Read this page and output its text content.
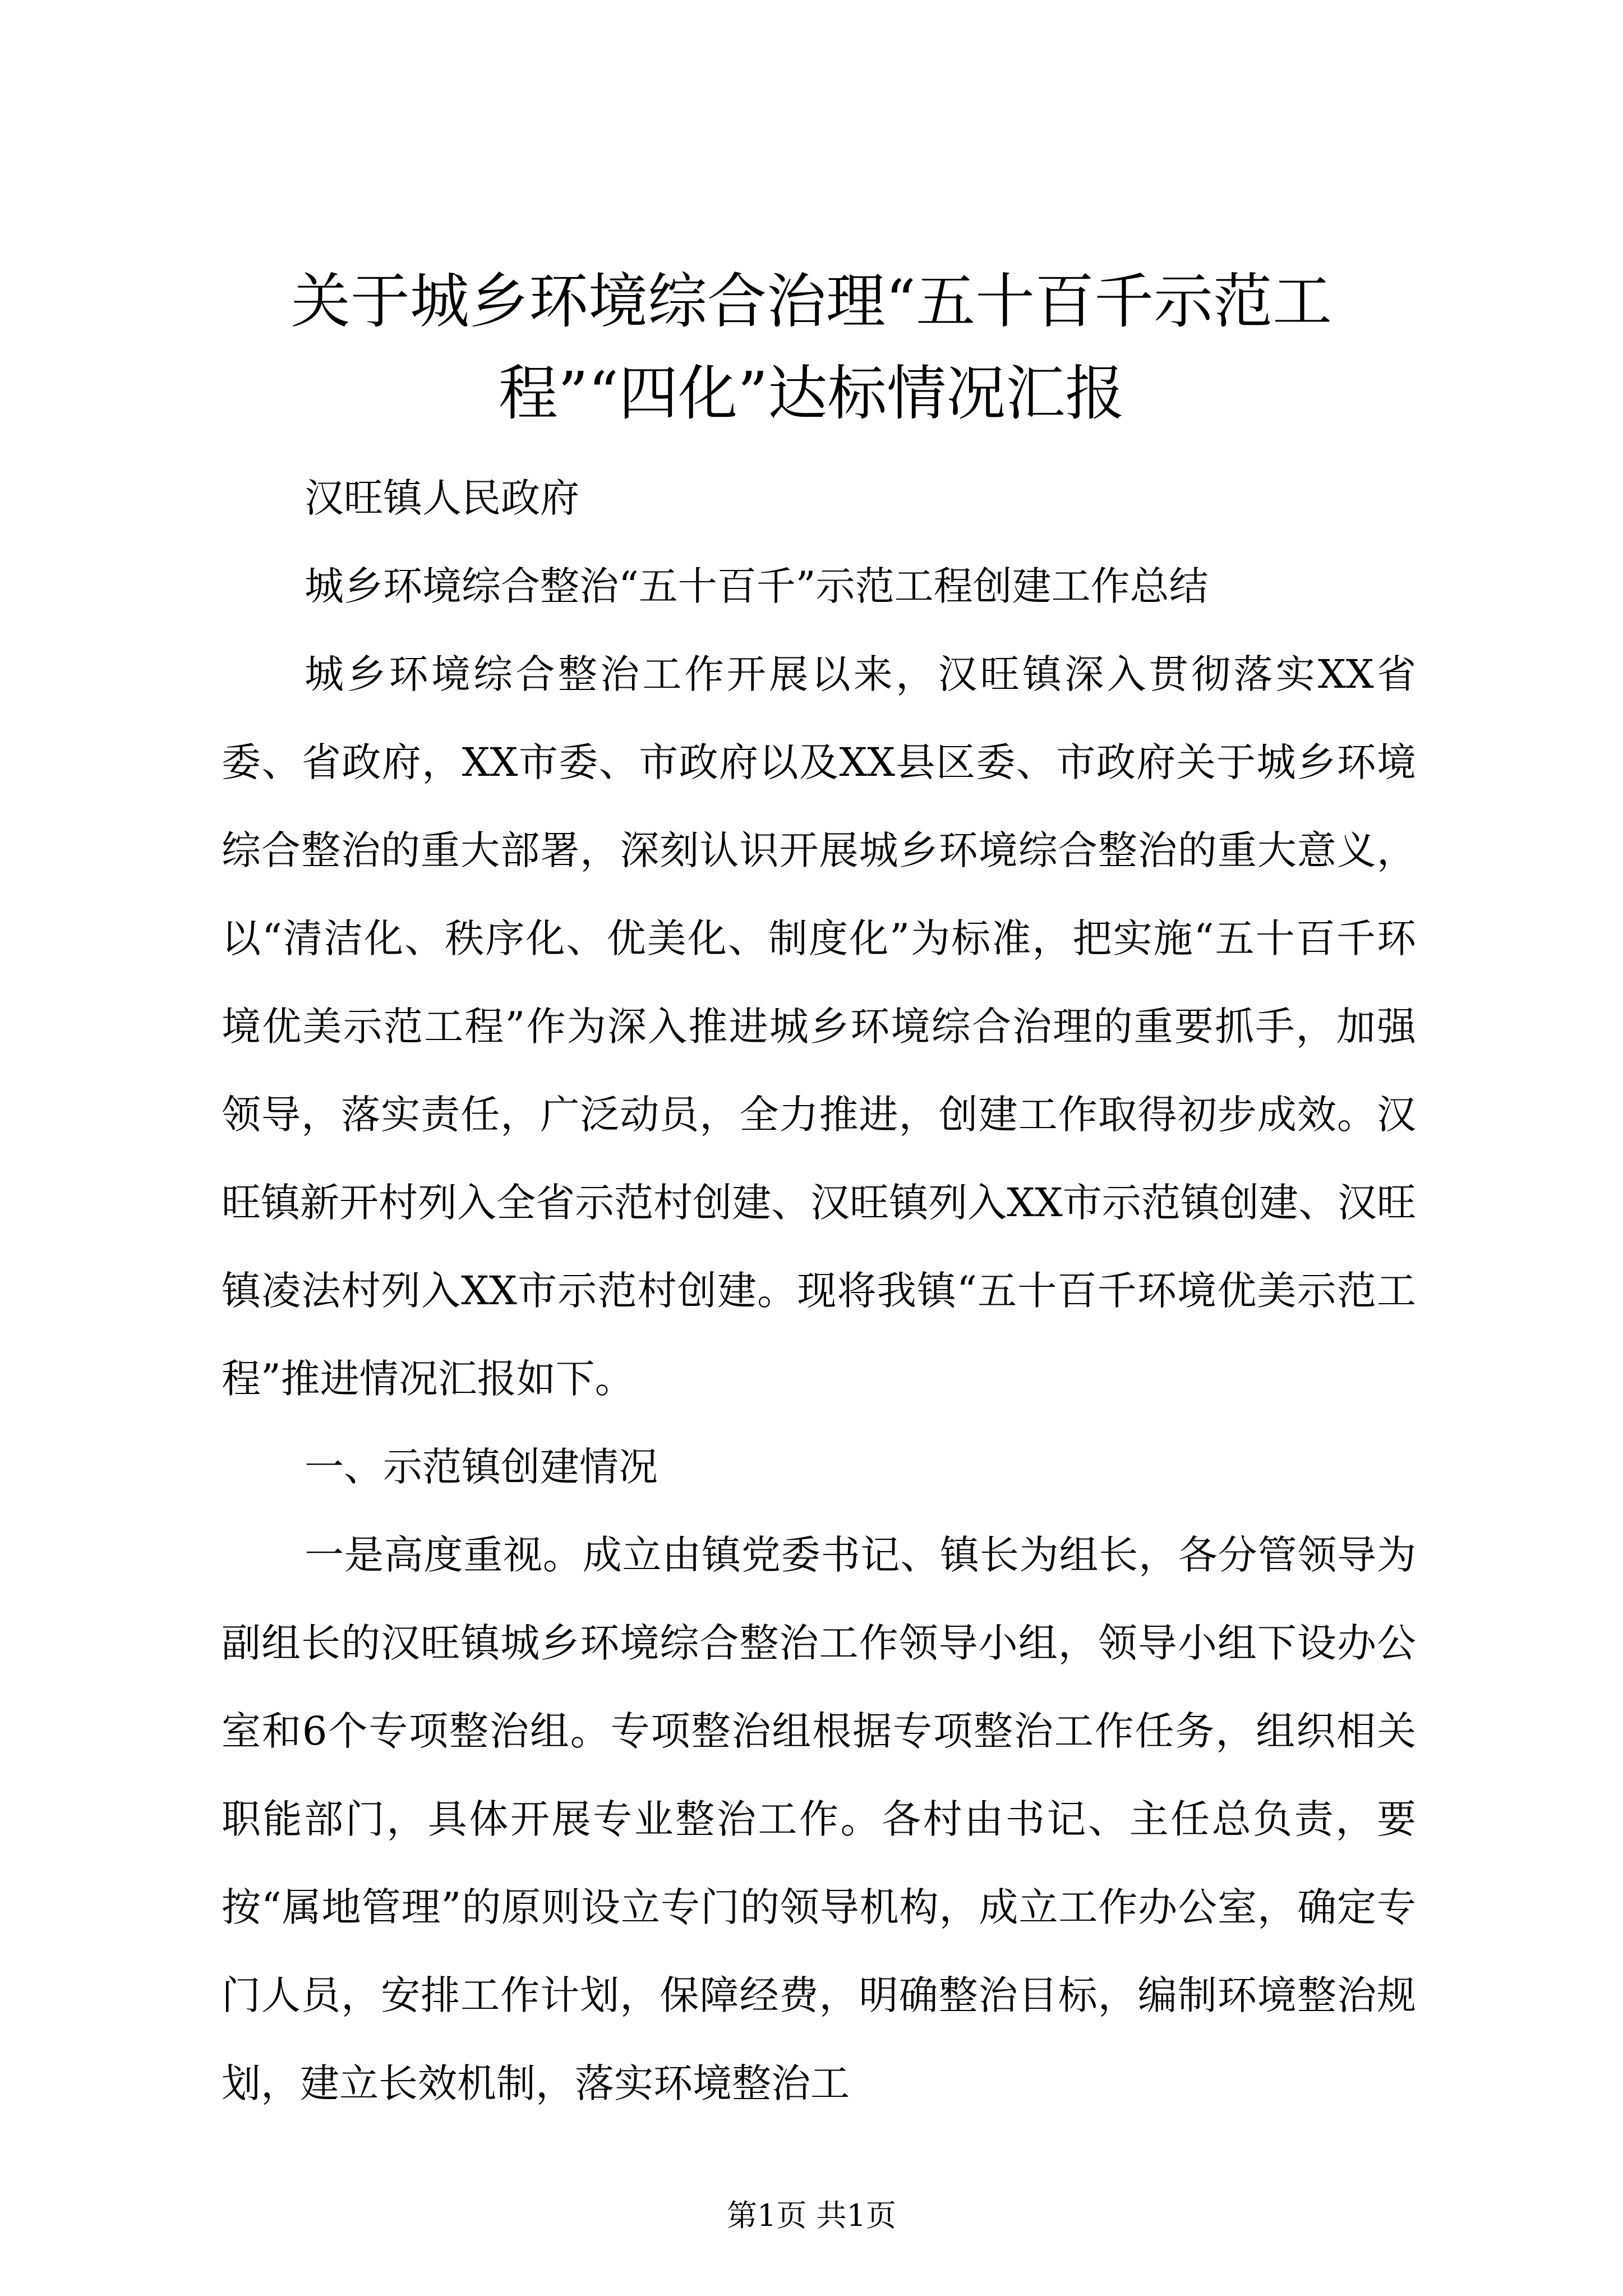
关于城乡环境综合治理“五十百千示范工
程”“四化”达标情况汇报

汉旺镇人民政府

城乡环境综合整治“五十百千”示范工程创建工作总结

城乡环境综合整治工作开展以来，汉旺镇深入贯彻落实XX省委、省政府，XX市委、市政府以及XX县区委、市政府关于城乡环境综合整治的重大部署，深刻认识开展城乡环境综合整治的重大意义，以“清洁化、秩序化、优美化、制度化”为标准，把实施“五十百千环境优美示范工程”作为深入推进城乡环境综合治理的重要抓手，加强领导，落实责任，广泛动员，全力推进，创建工作取得初步成效。汉旺镇新开村列入全省示范村创建、汉旺镇列入XX市示范镇创建、汉旺镇凌法村列入XX市示范村创建。现将我镇“五十百千环境优美示范工程”推进情况汇报如下。

一、示范镇创建情况

一是高度重视。成立由镇党委书记、镇长为组长，各分管领导为副组长的汉旺镇城乡环境综合整治工作领导小组，领导小组下设办公室和6个专项整治组。专项整治组根据专项整治工作任务，组织相关职能部门，具体开展专业整治工作。各村由书记、主任总负责，要按“属地管理”的原则设立专门的领导机构，成立工作办公室，确定专门人员，安排工作计划，保障经费，明确整治目标，编制环境整治规划，建立长效机制，落实环境整治工

第1页 共1页
